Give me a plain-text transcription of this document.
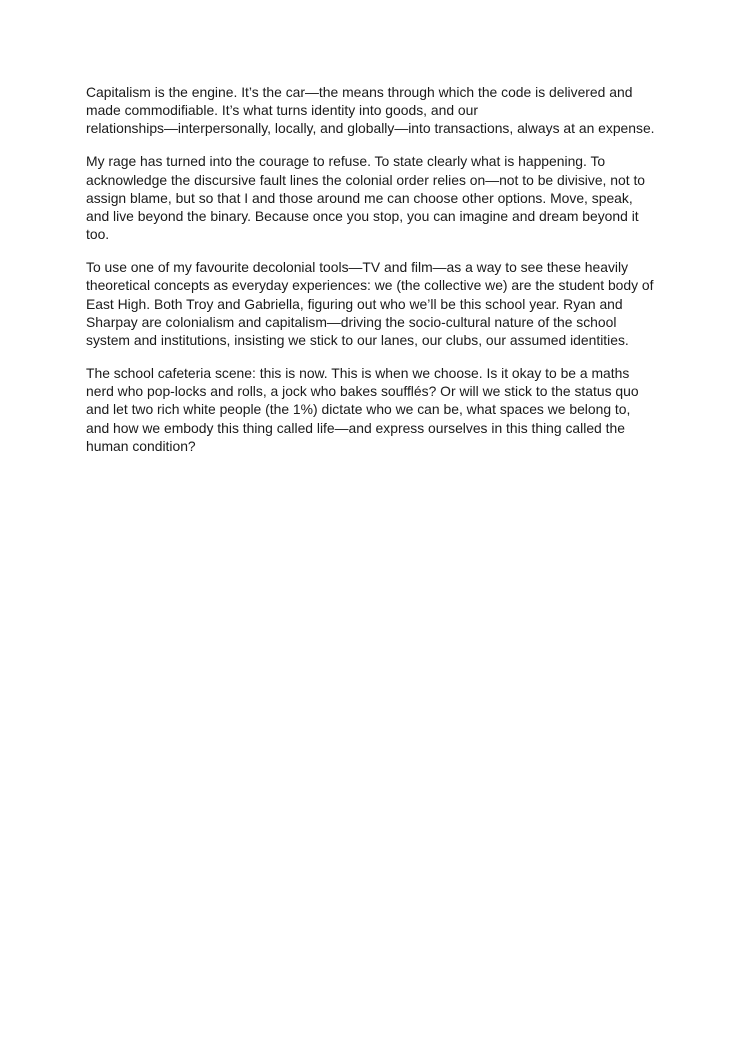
Capitalism is the engine. It’s the car—the means through which the code is delivered and
made commodifiable. It’s what turns identity into goods, and our
relationships—interpersonally, locally, and globally—into transactions, always at an expense.

My rage has turned into the courage to refuse. To state clearly what is happening. To
acknowledge the discursive fault lines the colonial order relies on—not to be divisive, not to
assign blame, but so that I and those around me can choose other options. Move, speak,
and live beyond the binary. Because once you stop, you can imagine and dream beyond it
too.

To use one of my favourite decolonial tools—TV and film—as a way to see these heavily
theoretical concepts as everyday experiences: we (the collective we) are the student body of
East High. Both Troy and Gabriella, figuring out who we’ll be this school year. Ryan and
Sharpay are colonialism and capitalism—driving the socio-cultural nature of the school
system and institutions, insisting we stick to our lanes, our clubs, our assumed identities.

The school cafeteria scene: this is now. This is when we choose. Is it okay to be a maths
nerd who pop-locks and rolls, a jock who bakes soufflés? Or will we stick to the status quo
and let two rich white people (the 1%) dictate who we can be, what spaces we belong to,
and how we embody this thing called life—and express ourselves in this thing called the
human condition?
